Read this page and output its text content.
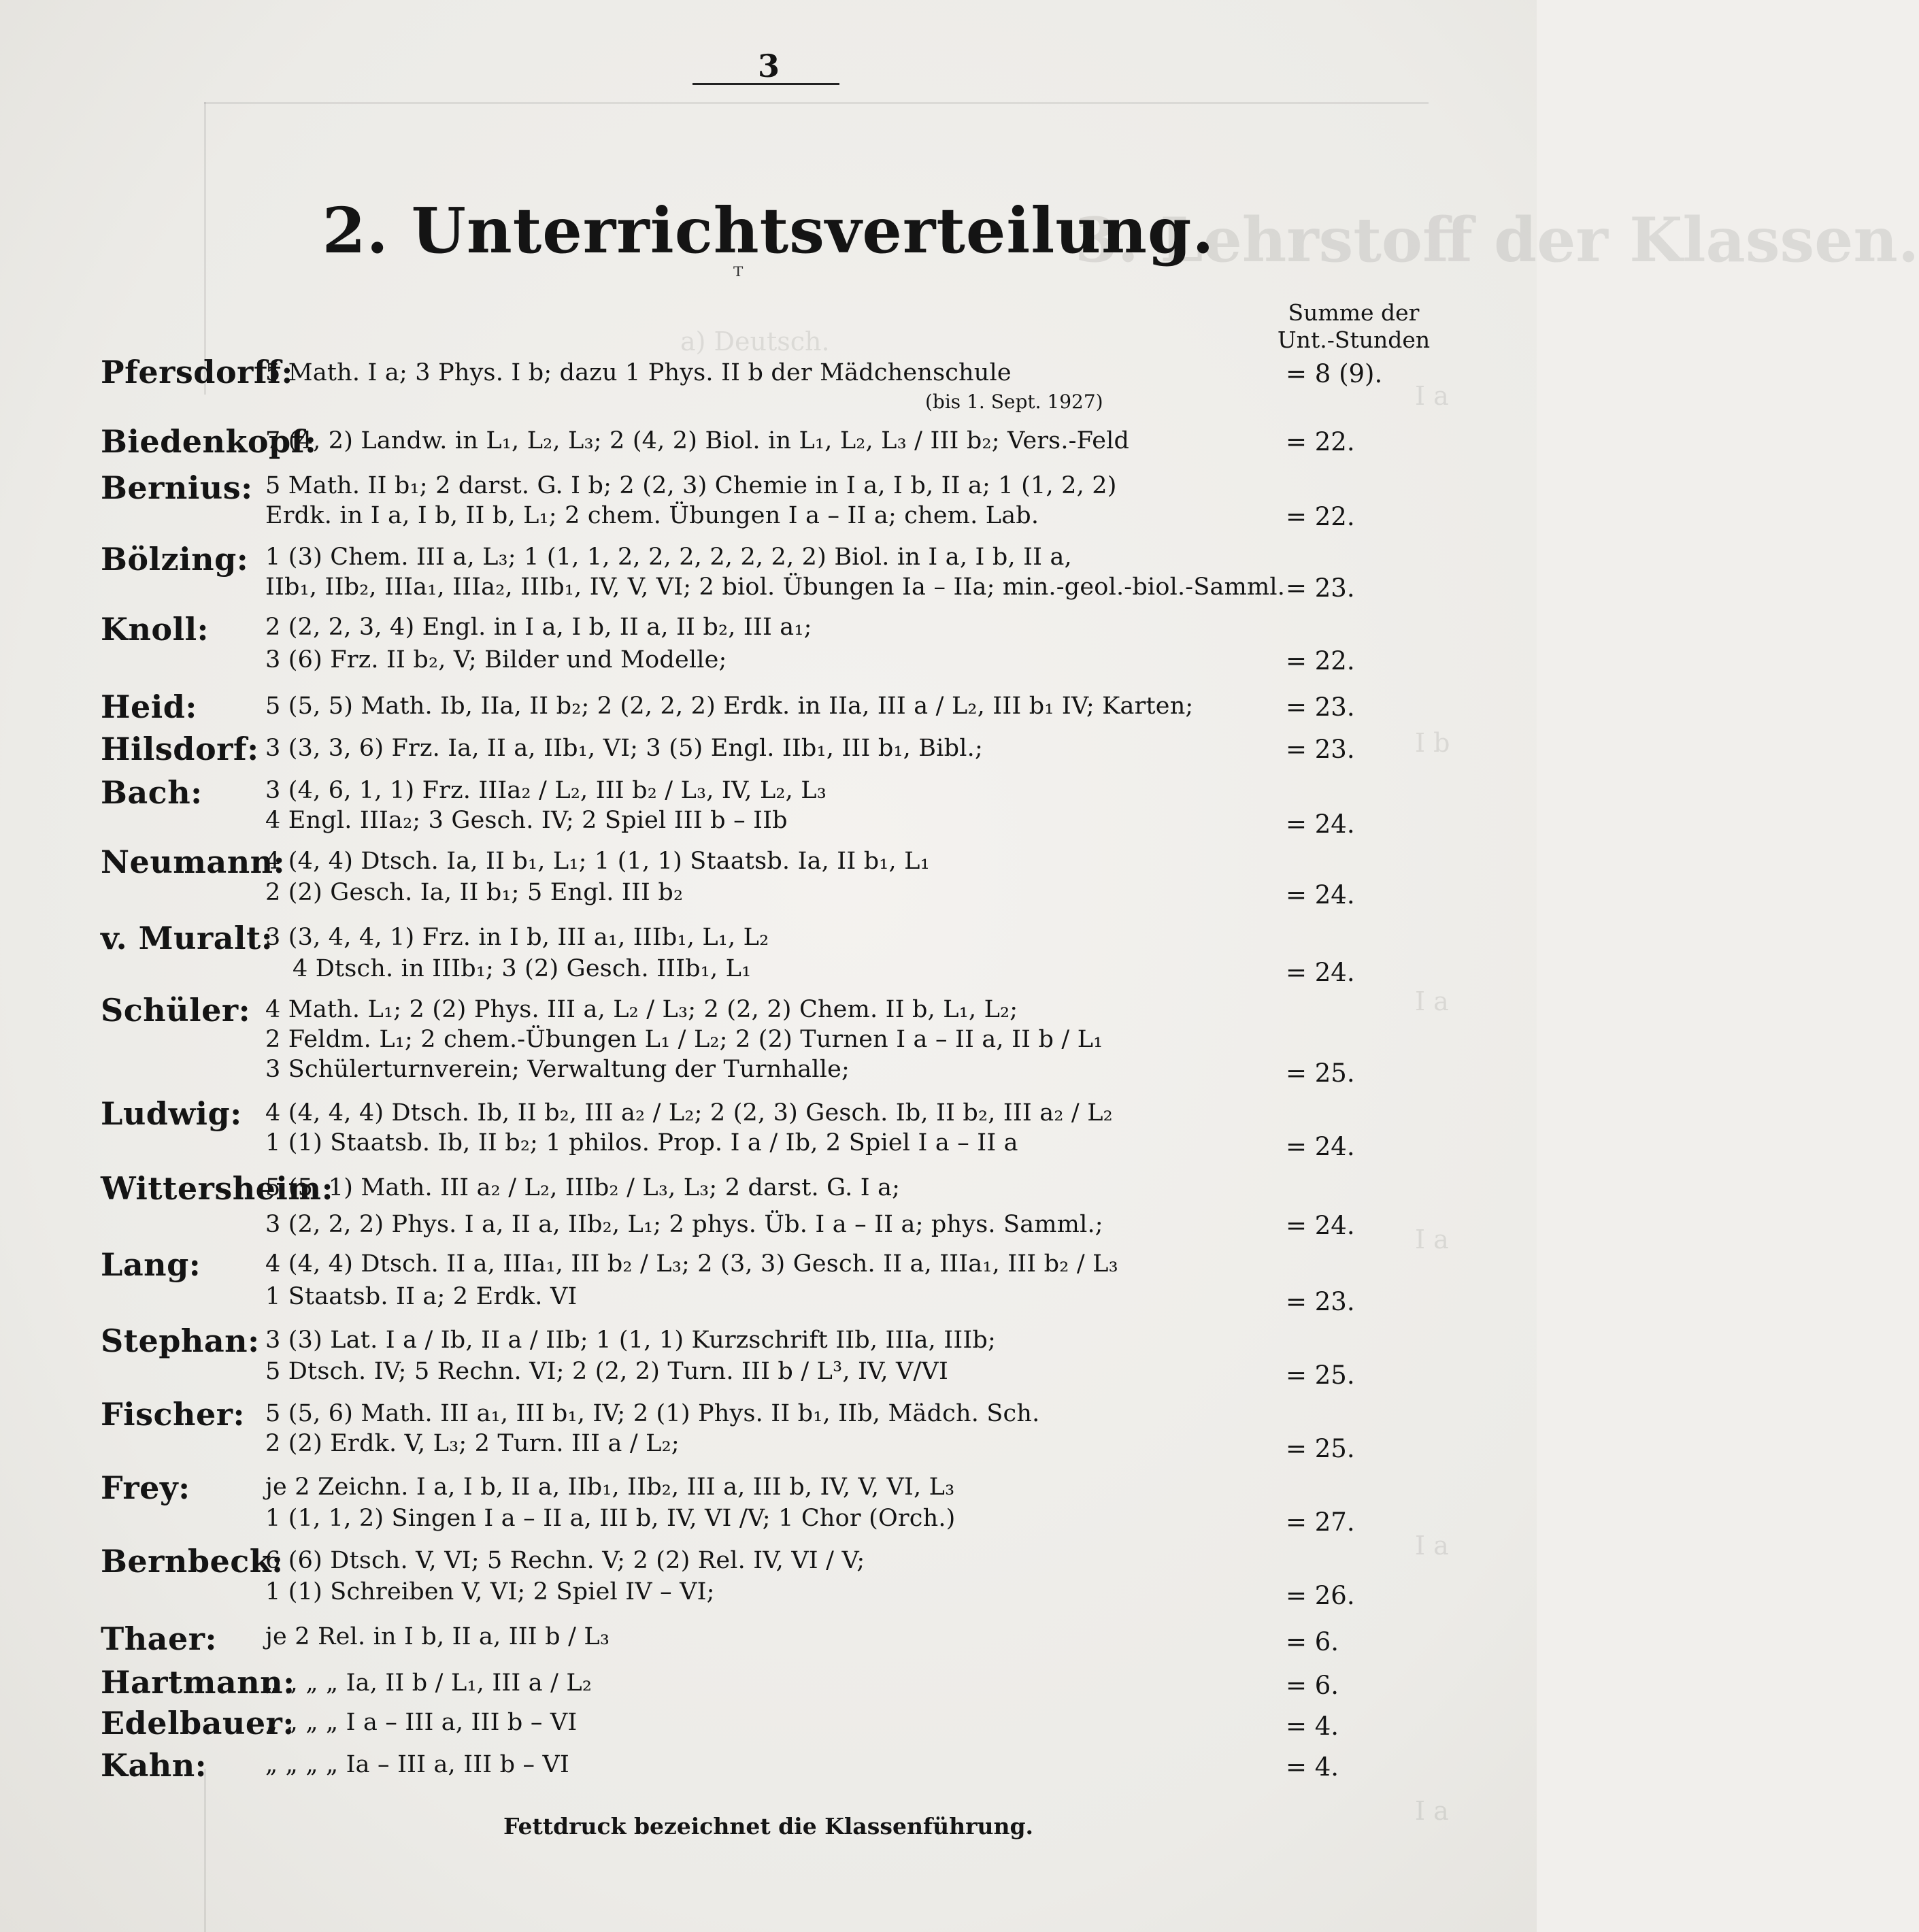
3. Lehrstoff der Klassen.
a) Deutsch.
I a
I b
I a
I a
I a
I a
3
2. Unterrichtsverteilung.
ᵀ
Summe der
Unt.-Stunden
Pfersdorff:
5 Math. I a; 3 Phys. I b; dazu 1 Phys. II b der Mädchenschule
(bis 1. Sept. 1927)
= 8 (9).
Biedenkopf:
7 (4, 2) Landw. in L₁, L₂, L₃; 2 (4, 2) Biol. in L₁, L₂, L₃ / III b₂; Vers.-Feld	= 22.
Bernius: 5 Math. II b₁; 2 darst. G. I b; 2 (2, 3) Chemie in I a, I b, II a; 1 (1, 2, 2)
Erdk. in I a, I b, II b, L₁; 2 chem. Übungen I a – II a; chem. Lab.	= 22.
Bölzing: 1 (3) Chem. III a, L₃; 1 (1, 1, 2, 2, 2, 2, 2, 2, 2) Biol. in I a, I b, II a,
IIb₁, IIb₂, IIIa₁, IIIa₂, IIIb₁, IV, V, VI; 2 biol. Übungen Ia – IIa; min.-geol.-biol.-Samml. = 23.
Knoll: 2 (2, 2, 3, 4) Engl. in I a, I b, II a, II b₂, III a₁;
3 (6) Frz. II b₂, V; Bilder und Modelle;	= 22.
Heid:	5 (5, 5) Math. Ib, IIa, II b₂; 2 (2, 2, 2) Erdk. in IIa, III a / L₂, III b₁ IV; Karten;	= 23.
Hilsdorf: 3 (3, 3, 6) Frz. Ia, II a, IIb₁, VI; 3 (5) Engl. IIb₁, III b₁, Bibl.;	= 23.
Bach:	3 (4, 6, 1, 1) Frz. IIIa₂ / L₂, III b₂ / L₃, IV, L₂, L₃
4 Engl. IIIa₂; 3 Gesch. IV; 2 Spiel III b – IIb	= 24.
Neumann:
4 (4, 4) Dtsch. Ia, II b₁, L₁; 1 (1, 1) Staatsb. Ia, II b₁, L₁
2 (2) Gesch. Ia, II b₁; 5 Engl. III b₂	= 24.
v. Muralt:
3 (3, 4, 4, 1) Frz. in I b, III a₁, IIIb₁, L₁, L₂
4 Dtsch. in IIIb₁; 3 (2) Gesch. IIIb₁, L₁	= 24.
Schüler: 4 Math. L₁; 2 (2) Phys. III a, L₂ / L₃; 2 (2, 2) Chem. II b, L₁, L₂;
2 Feldm. L₁; 2 chem.-Übungen L₁ / L₂; 2 (2) Turnen I a – II a, II b / L₁
3 Schülerturnverein; Verwaltung der Turnhalle;	= 25.
Ludwig: 4 (4, 4, 4) Dtsch. Ib, II b₂, III a₂ / L₂; 2 (2, 3) Gesch. Ib, II b₂, III a₂ / L₂
1 (1) Staatsb. Ib, II b₂; 1 philos. Prop. I a / Ib, 2 Spiel I a – II a	= 24.
Wittersheim:
5 (5, 1) Math. III a₂ / L₂, IIIb₂ / L₃, L₃; 2 darst. G. I a;
3 (2, 2, 2) Phys. I a, II a, IIb₂, L₁; 2 phys. Üb. I a – II a; phys. Samml.;	= 24.
Lang:	4 (4, 4) Dtsch. II a, IIIa₁, III b₂ / L₃; 2 (3, 3) Gesch. II a, IIIa₁, III b₂ / L₃
1 Staatsb. II a; 2 Erdk. VI	= 23.
Stephan: 3 (3) Lat. I a / Ib, II a / IIb; 1 (1, 1) Kurzschrift IIb, IIIa, IIIb;
5 Dtsch. IV; 5 Rechn. VI; 2 (2, 2) Turn. III b / L³, IV, V/VI	= 25.
Fischer: 5 (5, 6) Math. III a₁, III b₁, IV; 2 (1) Phys. II b₁, IIb, Mädch. Sch.
2 (2) Erdk. V, L₃; 2 Turn. III a / L₂;	= 25.
Frey:	je 2 Zeichn. I a, I b, II a, IIb₁, IIb₂, III a, III b, IV, V, VI, L₃
1 (1, 1, 2) Singen I a – II a, III b, IV, VI /V; 1 Chor (Orch.)	= 27.
Bernbeck:
6 (6) Dtsch. V, VI; 5 Rechn. V; 2 (2) Rel. IV, VI / V;
1 (1) Schreiben V, VI; 2 Spiel IV – VI;	= 26.
Thaer: je 2 Rel. in I b, II a, III b / L₃	= 6.
Hartmann:
„ „ „ „ Ia, II b / L₁, III a / L₂	= 6.
Edelbauer:
„ „ „ „ I a – III a, III b – VI	= 4.
Kahn: „ „ „ „ Ia – III a, III b – VI	= 4.
Fettdruck bezeichnet die Klassenführung.
